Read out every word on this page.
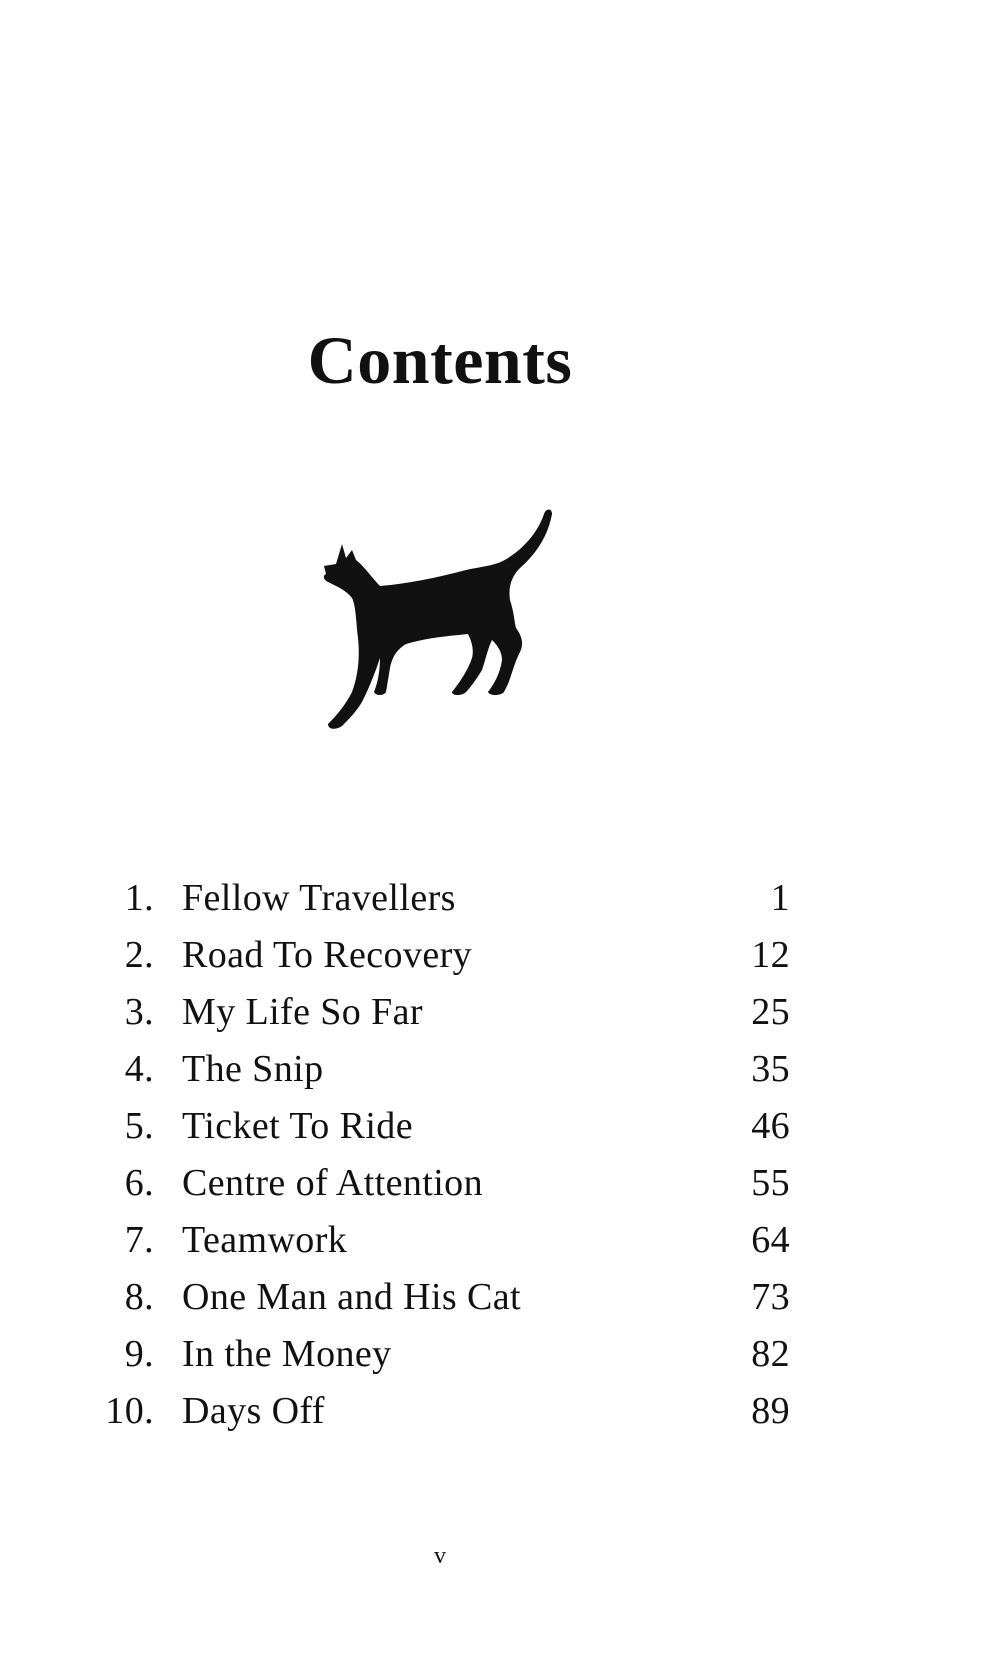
Contents
1. Fellow Travellers	1
2. Road To Recovery	12
3. My Life So Far	25
4. The Snip	35
5. Ticket To Ride	46
6. Centre of Attention	55
7. Teamwork	64
8. One Man and His Cat	73
9. In the Money	82
10. Days Off	89
v
